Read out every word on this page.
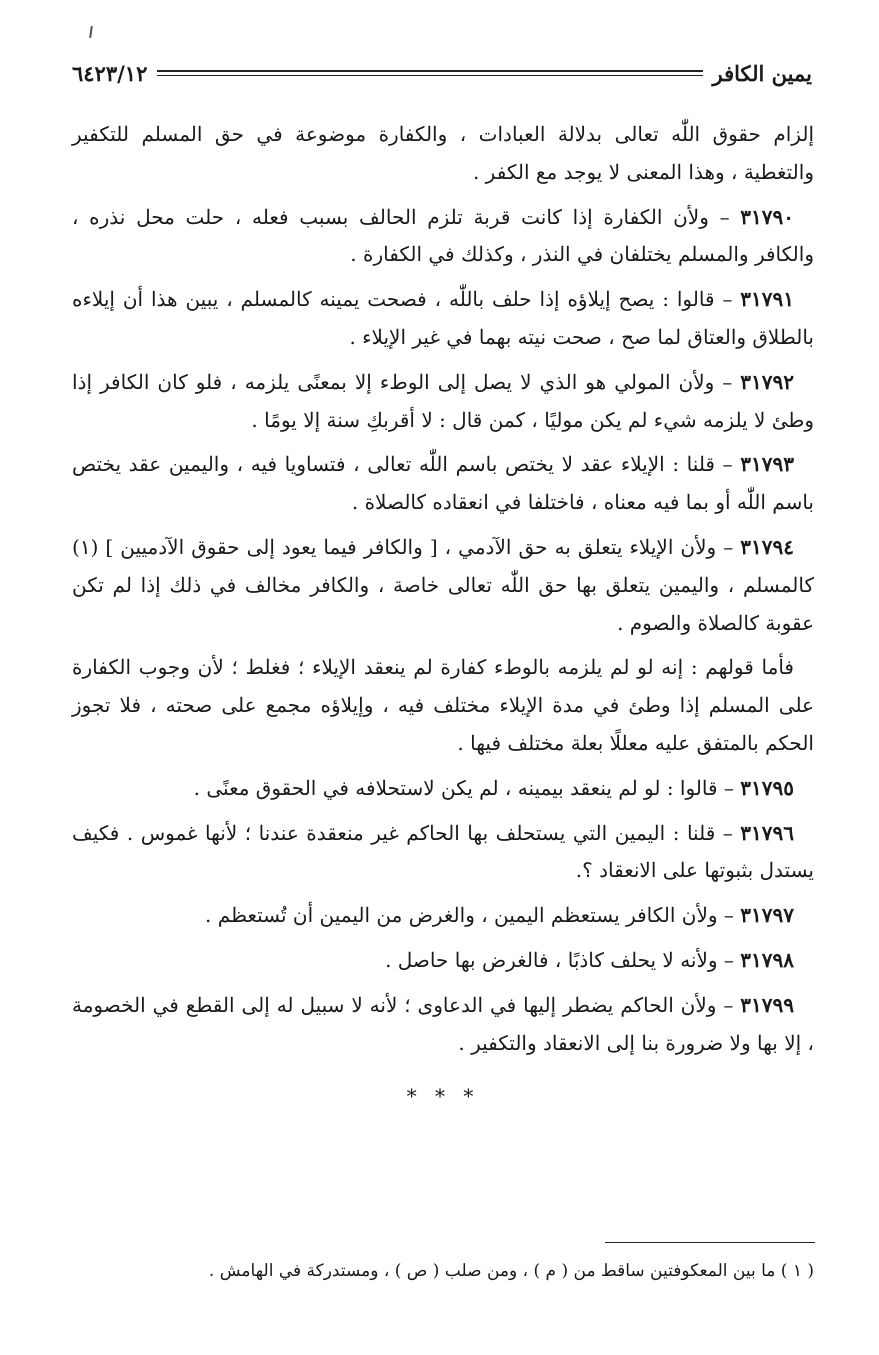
يمين الكافر
٦٤٢٣/١٢

إلزام حقوق اللّٰه تعالى بدلالة العبادات ، والكفارة موضوعة في حق المسلم للتكفير والتغطية ، وهذا المعنى لا يوجد مع الكفر .

٣١٧٩٠ – ولأن الكفارة إذا كانت قربة تلزم الحالف بسبب فعله ، حلت محل نذره ، والكافر والمسلم يختلفان في النذر ، وكذلك في الكفارة .

٣١٧٩١ – قالوا : يصح إيلاؤه إذا حلف باللّٰه ، فصحت يمينه كالمسلم ، يبين هذا أن إيلاءه بالطلاق والعتاق لما صح ، صحت نيته بهما في غير الإيلاء .

٣١٧٩٢ – ولأن المولي هو الذي لا يصل إلى الوطء إلا بمعنًى يلزمه ، فلو كان الكافر إذا وطئ لا يلزمه شيء لم يكن موليًا ، كمن قال : لا أقربكِ سنة إلا يومًا .

٣١٧٩٣ – قلنا : الإيلاء عقد لا يختص باسم اللّٰه تعالى ، فتساويا فيه ، واليمين عقد يختص باسم اللّٰه أو بما فيه معناه ، فاختلفا في انعقاده كالصلاة .

٣١٧٩٤ – ولأن الإيلاء يتعلق به حق الآدمي ، [ والكافر فيما يعود إلى حقوق الآدميين ] (١) كالمسلم ، واليمين يتعلق بها حق اللّٰه تعالى خاصة ، والكافر مخالف في ذلك إذا لم تكن عقوبة كالصلاة والصوم .

فأما قولهم : إنه لو لم يلزمه بالوطء كفارة لم ينعقد الإيلاء ؛ فغلط ؛ لأن وجوب الكفارة على المسلم إذا وطئ في مدة الإيلاء مختلف فيه ، وإيلاؤه مجمع على صحته ، فلا تجوز الحكم بالمتفق عليه معللًا بعلة مختلف فيها .

٣١٧٩٥ – قالوا : لو لم ينعقد بيمينه ، لم يكن لاستحلافه في الحقوق معنًى .

٣١٧٩٦ – قلنا : اليمين التي يستحلف بها الحاكم غير منعقدة عندنا ؛ لأنها غموس . فكيف يستدل بثبوتها على الانعقاد ؟.

٣١٧٩٧ – ولأن الكافر يستعظم اليمين ، والغرض من اليمين أن تُستعظم .

٣١٧٩٨ – ولأنه لا يحلف كاذبًا ، فالغرض بها حاصل .

٣١٧٩٩ – ولأن الحاكم يضطر إليها في الدعاوى ؛ لأنه لا سبيل له إلى القطع في الخصومة ، إلا بها ولا ضرورة بنا إلى الانعقاد والتكفير .

* * *
( ١ ) ما بين المعكوفتين ساقط من ( م ) ، ومن صلب ( ص ) ، ومستدركة في الهامش .
